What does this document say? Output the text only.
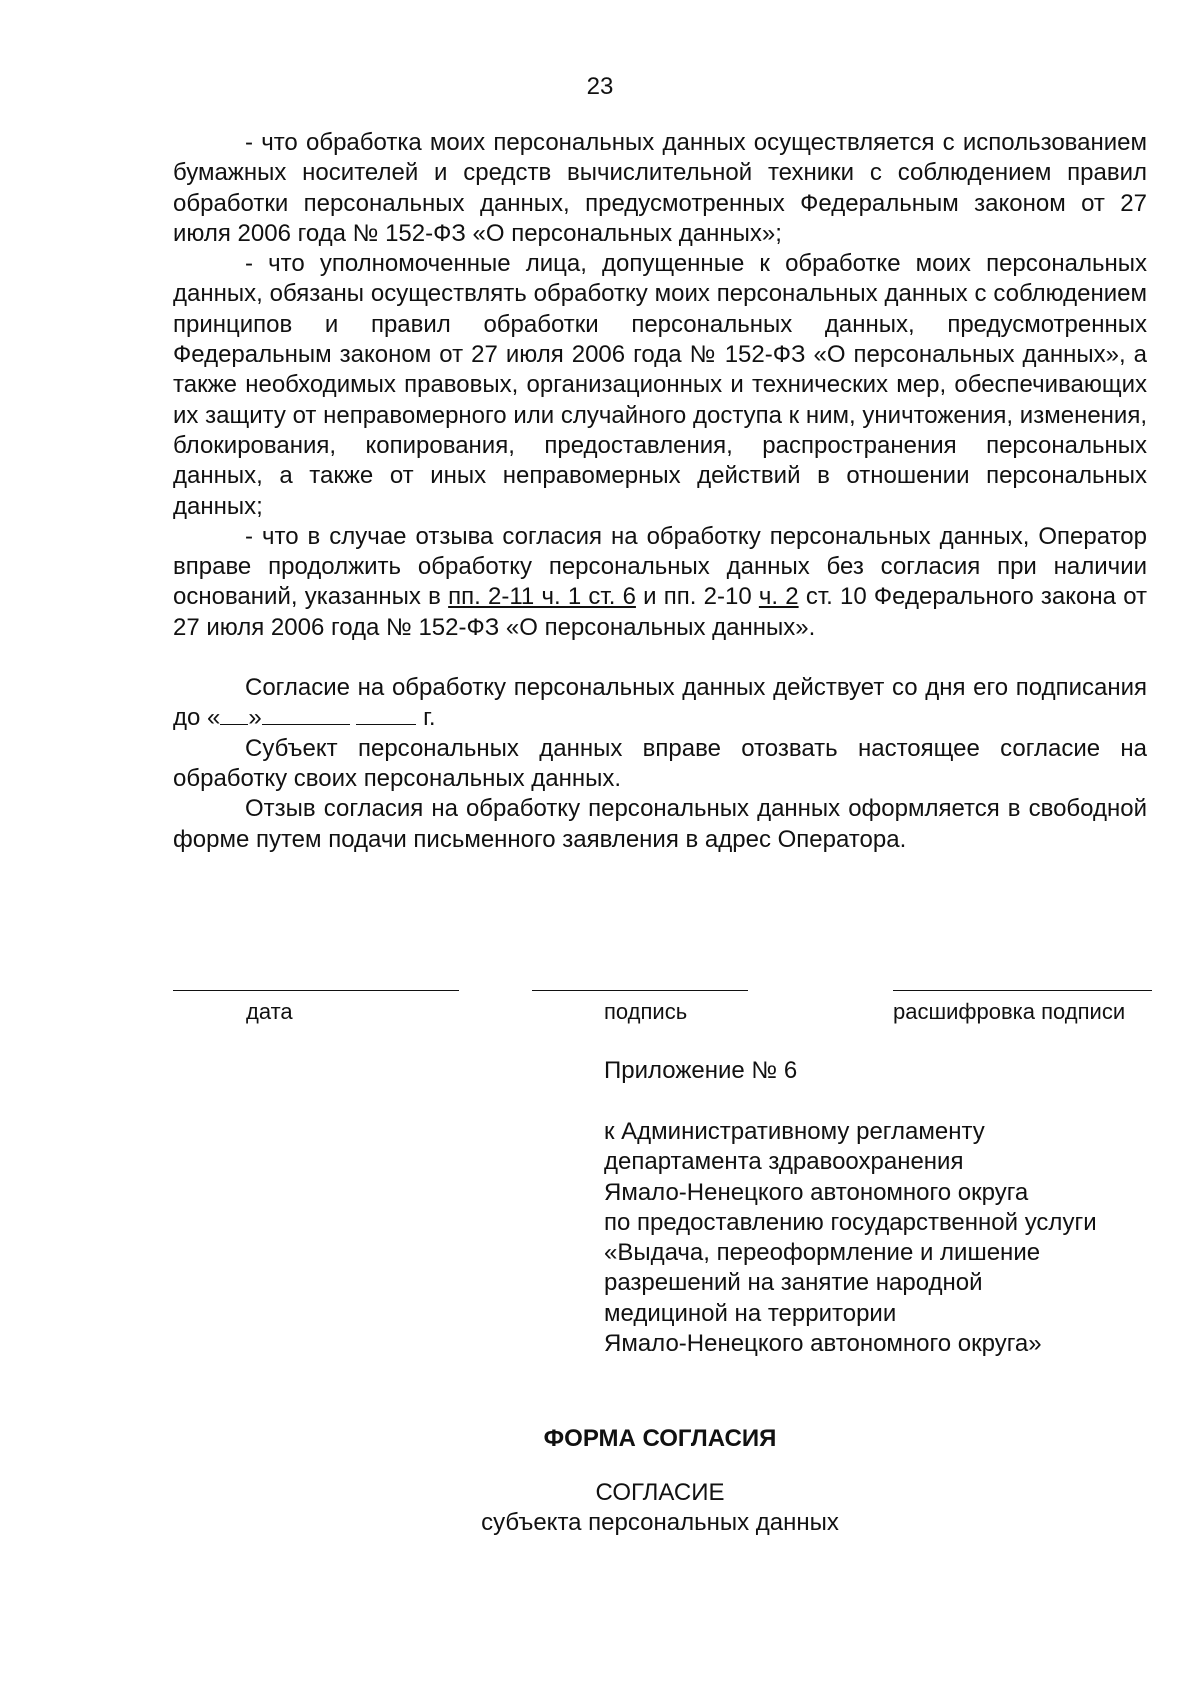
23

- что обработка моих персональных данных осуществляется с использованием бумажных носителей и средств вычислительной техники с соблюдением правил обработки персональных данных, предусмотренных Федеральным законом от 27 июля 2006 года № 152-ФЗ «О персональных данных»;

- что уполномоченные лица, допущенные к обработке моих персональных данных, обязаны осуществлять обработку моих персональных данных с соблюдением принципов и правил обработки персональных данных, предусмотренных Федеральным законом от 27 июля 2006 года № 152-ФЗ «О персональных данных», а также необходимых правовых, организационных и технических мер, обеспечивающих их защиту от неправомерного или случайного доступа к ним, уничтожения, изменения, блокирования, копирования, предоставления, распространения персональных данных, а также от иных неправомерных действий в отношении персональных данных;

- что в случае отзыва согласия на обработку персональных данных, Оператор вправе продолжить обработку персональных данных без согласия при наличии оснований, указанных в пп. 2-11 ч. 1 ст. 6 и пп. 2-10 ч. 2 ст. 10 Федерального закона от 27 июля 2006 года № 152-ФЗ «О персональных данных».

Согласие на обработку персональных данных действует со дня его подписания до « »	г.

Субъект персональных данных вправе отозвать настоящее согласие на обработку своих персональных данных.

Отзыв согласия на обработку персональных данных оформляется в свободной форме путем подачи письменного заявления в адрес Оператора.

дата	подпись	расшифровка подписи
Приложение № 6
к Административному регламенту
департамента здравоохранения
Ямало-Ненецкого автономного округа
по предоставлению государственной услуги
«Выдача, переоформление и лишение
разрешений на занятие народной
медициной на территории
Ямало-Ненецкого автономного округа»
ФОРМА СОГЛАСИЯ
СОГЛАСИЕ
субъекта персональных данных
